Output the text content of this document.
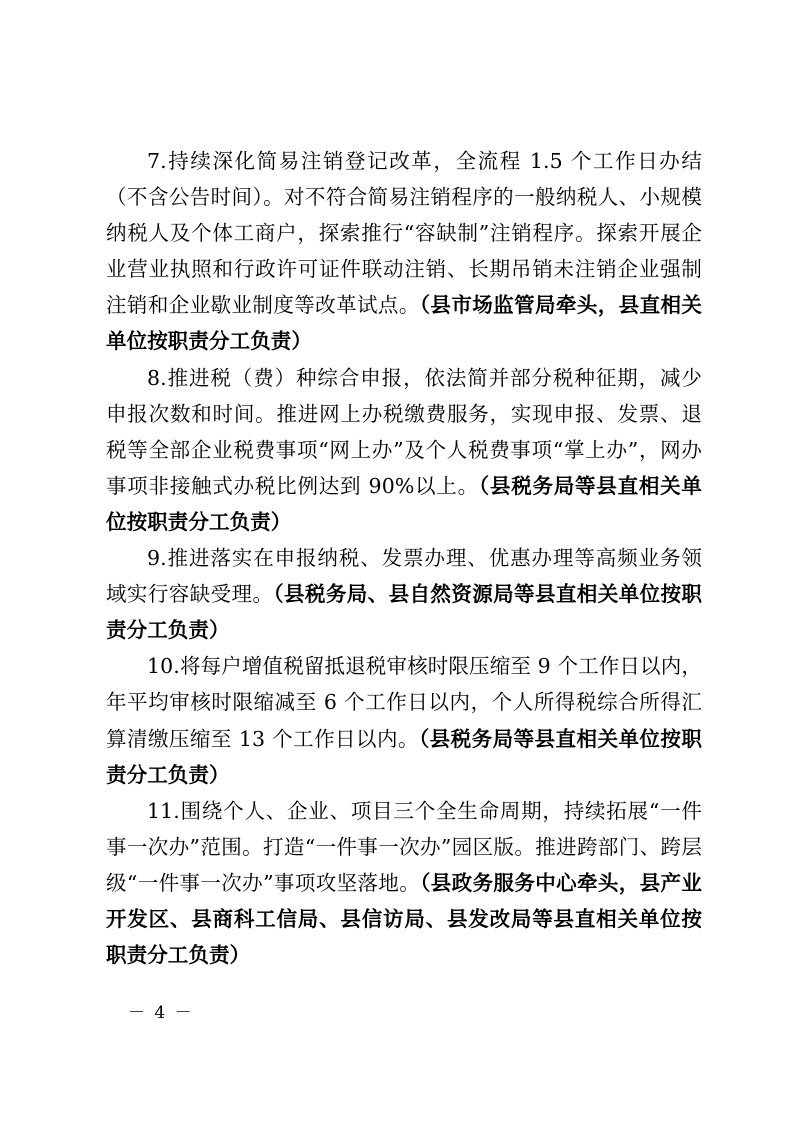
7.持续深化简易注销登记改革，全流程 1.5 个工作日办结（不含公告时间）。对不符合简易注销程序的一般纳税人、小规模纳税人及个体工商户，探索推行“容缺制”注销程序。探索开展企业营业执照和行政许可证件联动注销、长期吊销未注销企业强制注销和企业歇业制度等改革试点。（县市场监管局牵头，县直相关单位按职责分工负责）

8.推进税（费）种综合申报，依法简并部分税种征期，减少申报次数和时间。推进网上办税缴费服务，实现申报、发票、退税等全部企业税费事项“网上办”及个人税费事项“掌上办”，网办事项非接触式办税比例达到 90%以上。（县税务局等县直相关单位按职责分工负责）

9.推进落实在申报纳税、发票办理、优惠办理等高频业务领域实行容缺受理。（县税务局、县自然资源局等县直相关单位按职责分工负责）

10.将每户增值税留抵退税审核时限压缩至 9 个工作日以内，年平均审核时限缩减至 6 个工作日以内，个人所得税综合所得汇算清缴压缩至 13 个工作日以内。（县税务局等县直相关单位按职责分工负责）

11.围绕个人、企业、项目三个全生命周期，持续拓展“一件事一次办”范围。打造“一件事一次办”园区版。推进跨部门、跨层级“一件事一次办”事项攻坚落地。（县政务服务中心牵头，县产业开发区、县商科工信局、县信访局、县发改局等县直相关单位按职责分工负责）

－ 4 －
